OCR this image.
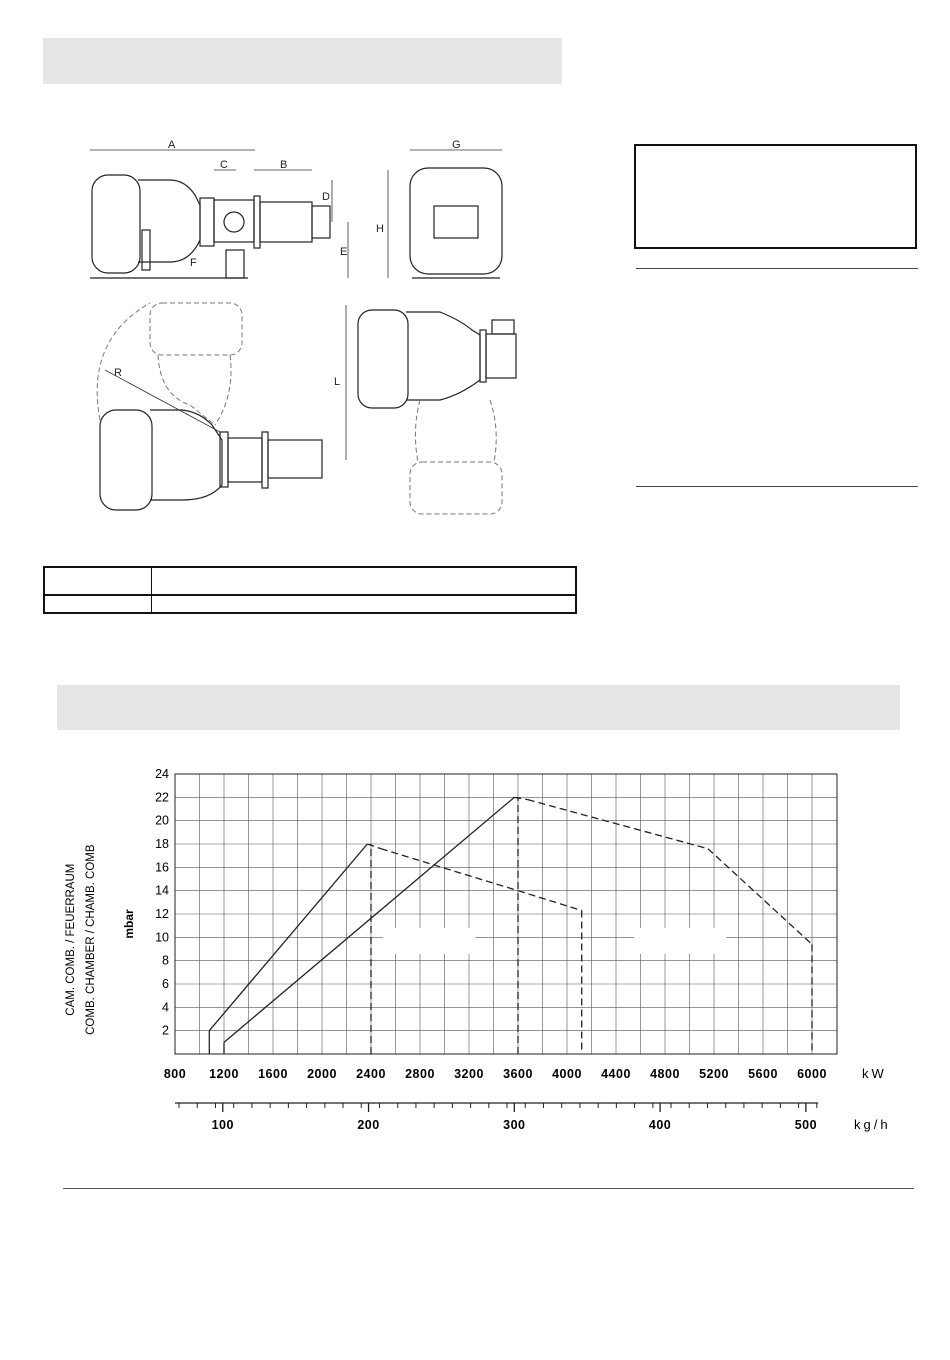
A
C	B
D
E
F
G
H
L
R
2
4
6
8
10
12
14
16
18
20
22
24
800 1200 1600 2000 2400 2800 3200 3600 4000 4400 4800 5200 5600 6000	kW
100	200	300	400	500	kg/h
mbar
CAM. COMB. / FEUERRAUM COMB. CHAMBER / CHAMB. COMB
